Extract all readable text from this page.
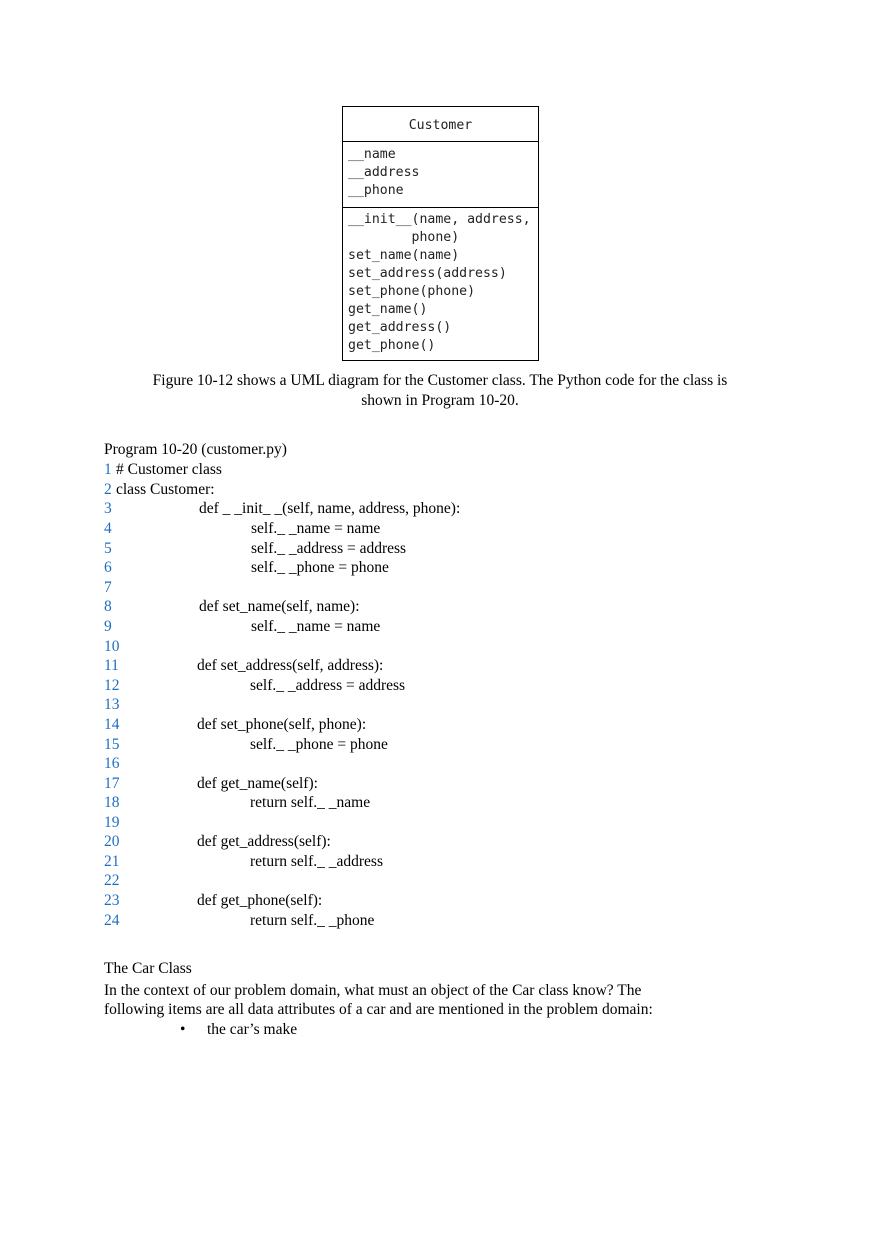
Customer
__name
__address
__phone
__init__(name, address,
phone)
set_name(name)
set_address(address)
set_phone(phone)
get_name()
get_address()
get_phone()
Figure 10-12 shows a UML diagram for the Customer class. The Python code for the class is
shown in Program 10-20.
Program 10-20 (customer.py)
1 # Customer class
2 class Customer:
3	def _ _init_ _(self, name, address, phone):
4	self._ _name = name
5	self._ _address = address
6	self._ _phone = phone
7
8	def set_name(self, name):
9	self._ _name = name
10
11	def set_address(self, address):
12	self._ _address = address
13
14	def set_phone(self, phone):
15	self._ _phone = phone
16
17	def get_name(self):
18	return self._ _name
19
20	def get_address(self):
21	return self._ _address
22
23	def get_phone(self):
24	return self._ _phone
The Car Class
In the context of our problem domain, what must an object of the Car class know? The
following items are all data attributes of a car and are mentioned in the problem domain:
• the car’s make
